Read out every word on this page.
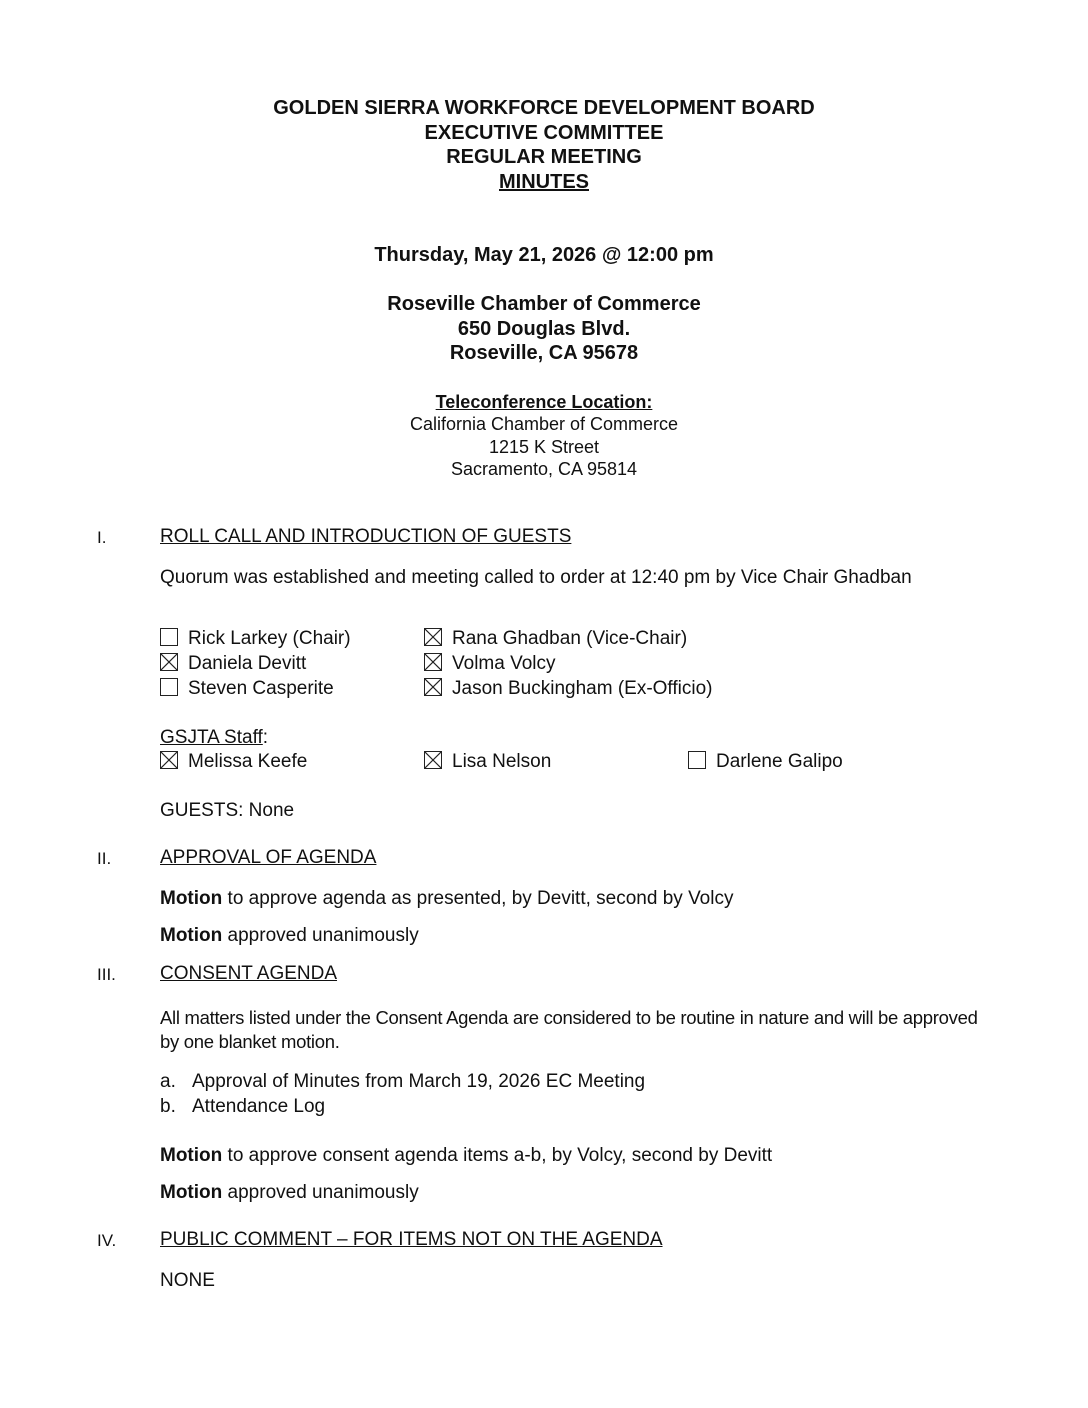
GOLDEN SIERRA WORKFORCE DEVELOPMENT BOARD
EXECUTIVE COMMITTEE
REGULAR MEETING
MINUTES
Thursday, May 21, 2026 @ 12:00 pm
Roseville Chamber of Commerce
650 Douglas Blvd.
Roseville, CA 95678
Teleconference Location:
California Chamber of Commerce
1215 K Street
Sacramento, CA 95814
I.	ROLL CALL AND INTRODUCTION OF GUESTS
Quorum was established and meeting called to order at 12:40 pm by Vice Chair Ghadban
Rick Larkey (Chair)	Rana Ghadban (Vice-Chair)
Daniela Devitt	Volma Volcy
Steven Casperite	Jason Buckingham (Ex-Officio)
GSJTA Staff:
Melissa Keefe	Lisa Nelson	Darlene Galipo
GUESTS: None
II.	APPROVAL OF AGENDA
Motion to approve agenda as presented, by Devitt, second by Volcy
Motion approved unanimously
III. CONSENT AGENDA
All matters listed under the Consent Agenda are considered to be routine in nature and will be approved by one blanket motion.
a. Approval of Minutes from March 19, 2026 EC Meeting
b. Attendance Log
Motion to approve consent agenda items a-b, by Volcy, second by Devitt
Motion approved unanimously
IV. PUBLIC COMMENT – FOR ITEMS NOT ON THE AGENDA
NONE
